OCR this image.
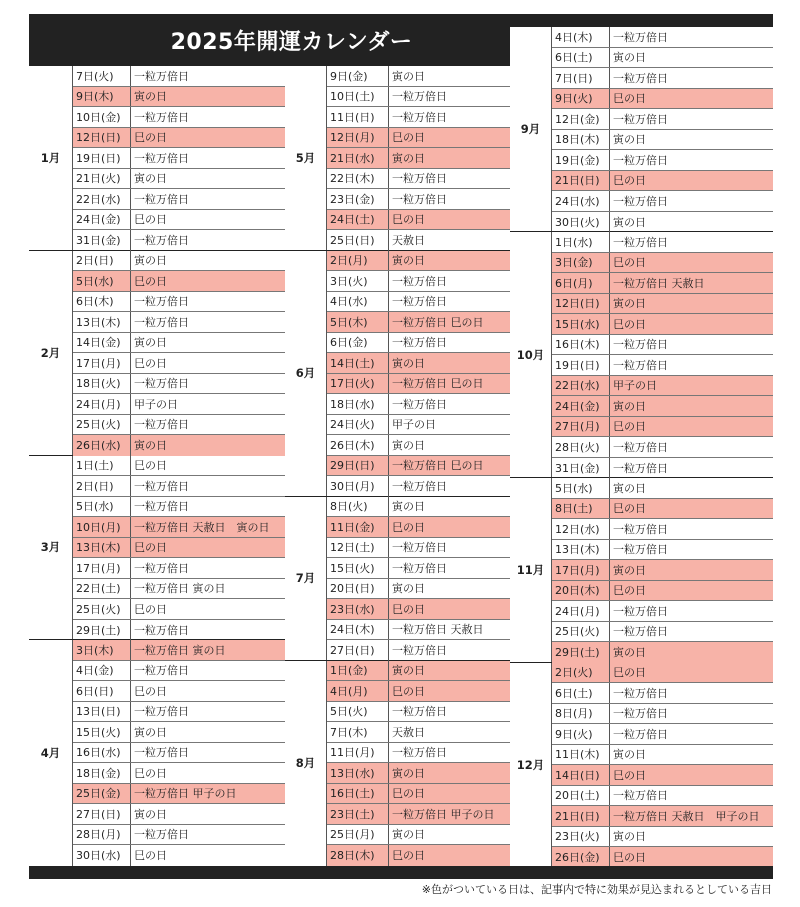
2025年開運カレンダー
1月
7日(火)	一粒万倍日
9日(木)	寅の日
10日(金)	一粒万倍日
12日(日)	巳の日
19日(日)	一粒万倍日
21日(火)	寅の日
22日(水)	一粒万倍日
24日(金)	巳の日
31日(金)	一粒万倍日
2月
2日(日)	寅の日
5日(水)	巳の日
6日(木)	一粒万倍日
13日(木)	一粒万倍日
14日(金)	寅の日
17日(月)	巳の日
18日(火)	一粒万倍日
24日(月)	甲子の日
25日(火)	一粒万倍日
26日(水)	寅の日
3月
1日(土)	巳の日
2日(日)	一粒万倍日
5日(水)	一粒万倍日
10日(月)	一粒万倍日 天赦日　寅の日
13日(木)	巳の日
17日(月)	一粒万倍日
22日(土)	一粒万倍日 寅の日
25日(火)	巳の日
29日(土)	一粒万倍日
4月
3日(木)	一粒万倍日 寅の日
4日(金)	一粒万倍日
6日(日)	巳の日
13日(日)	一粒万倍日
15日(火)	寅の日
16日(水)	一粒万倍日
18日(金)	巳の日
25日(金)	一粒万倍日 甲子の日
27日(日)	寅の日
28日(月)	一粒万倍日
30日(水)	巳の日
5月
9日(金)	寅の日
10日(土)	一粒万倍日
11日(日)	一粒万倍日
12日(月)	巳の日
21日(水)	寅の日
22日(木)	一粒万倍日
23日(金)	一粒万倍日
24日(土)	巳の日
25日(日)	天赦日
6月
2日(月)	寅の日
3日(火)	一粒万倍日
4日(水)	一粒万倍日
5日(木)	一粒万倍日 巳の日
6日(金)	一粒万倍日
14日(土)	寅の日
17日(火)	一粒万倍日 巳の日
18日(水)	一粒万倍日
24日(火)	甲子の日
26日(木)	寅の日
29日(日)	一粒万倍日 巳の日
30日(月)	一粒万倍日
7月
8日(火)	寅の日
11日(金)	巳の日
12日(土)	一粒万倍日
15日(火)	一粒万倍日
20日(日)	寅の日
23日(水)	巳の日
24日(木)	一粒万倍日 天赦日
27日(日)	一粒万倍日
8月
1日(金)	寅の日
4日(月)	巳の日
5日(火)	一粒万倍日
7日(木)	天赦日
11日(月)	一粒万倍日
13日(水)	寅の日
16日(土)	巳の日
23日(土)	一粒万倍日 甲子の日
25日(月)	寅の日
28日(木)	巳の日
9月
4日(木)	一粒万倍日
6日(土)	寅の日
7日(日)	一粒万倍日
9日(火)	巳の日
12日(金)	一粒万倍日
18日(木)	寅の日
19日(金)	一粒万倍日
21日(日)	巳の日
24日(水)	一粒万倍日
30日(火)	寅の日
10月
1日(水)	一粒万倍日
3日(金)	巳の日
6日(月)	一粒万倍日 天赦日
12日(日)	寅の日
15日(水)	巳の日
16日(木)	一粒万倍日
19日(日)	一粒万倍日
22日(水)	甲子の日
24日(金)	寅の日
27日(月)	巳の日
28日(火)	一粒万倍日
31日(金)	一粒万倍日
11月
5日(水)	寅の日
8日(土)	巳の日
12日(水)	一粒万倍日
13日(木)	一粒万倍日
17日(月)	寅の日
20日(木)	巳の日
24日(月)	一粒万倍日
25日(火)	一粒万倍日
29日(土)	寅の日
12月
2日(火)	巳の日
6日(土)	一粒万倍日
8日(月)	一粒万倍日
9日(火)	一粒万倍日
11日(木)	寅の日
14日(日)	巳の日
20日(土)	一粒万倍日
21日(日)	一粒万倍日 天赦日　甲子の日
23日(火)	寅の日
26日(金)	巳の日
※色がついている日は、記事内で特に効果が見込まれるとしている吉日
